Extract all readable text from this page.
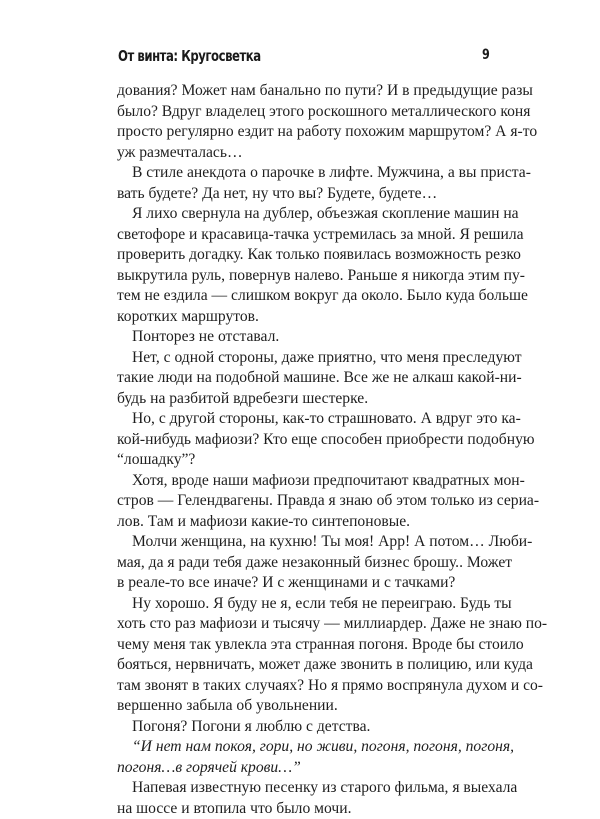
От винта: Кругосветка	9
дования? Может нам банально по пути? И в предыдущие разы
было? Вдруг владелец этого роскошного металлического коня
просто регулярно ездит на работу похожим маршрутом? А я-то
уж размечталась…
В стиле анекдота о парочке в лифте. Мужчина, а вы приста-
вать будете? Да нет, ну что вы? Будете, будете…
Я лихо свернула на дублер, объезжая скопление машин на
светофоре и красавица-тачка устремилась за мной. Я решила
проверить догадку. Как только появилась возможность резко
выкрутила руль, повернув налево. Раньше я никогда этим пу-
тем не ездила — слишком вокруг да около. Было куда больше
коротких маршрутов.
Понторез не отставал.
Нет, с одной стороны, даже приятно, что меня преследуют
такие люди на подобной машине. Все же не алкаш какой-ни-
будь на разбитой вдребезги шестерке.
Но, с другой стороны, как-то страшновато. А вдруг это ка-
кой-нибудь мафиози? Кто еще способен приобрести подобную
“лошадку”?
Хотя, вроде наши мафиози предпочитают квадратных мон-
стров — Гелендвагены. Правда я знаю об этом только из сериа-
лов. Там и мафиози какие-то синтепоновые.
Молчи женщина, на кухню! Ты моя! Арр! А потом… Люби-
мая, да я ради тебя даже незаконный бизнес брошу.. Может
в реале-то все иначе? И с женщинами и с тачками?
Ну хорошо. Я буду не я, если тебя не переиграю. Будь ты
хоть сто раз мафиози и тысячу — миллиардер. Даже не знаю по-
чему меня так увлекла эта странная погоня. Вроде бы стоило
бояться, нервничать, может даже звонить в полицию, или куда
там звонят в таких случаях? Но я прямо воспрянула духом и со-
вершенно забыла об увольнении.
Погоня? Погони я люблю с детства.
“И нет нам покоя, гори, но живи, погоня, погоня, погоня,
погоня…в горячей крови…”
Напевая известную песенку из старого фильма, я выехала
на шоссе и втопила что было мочи.
